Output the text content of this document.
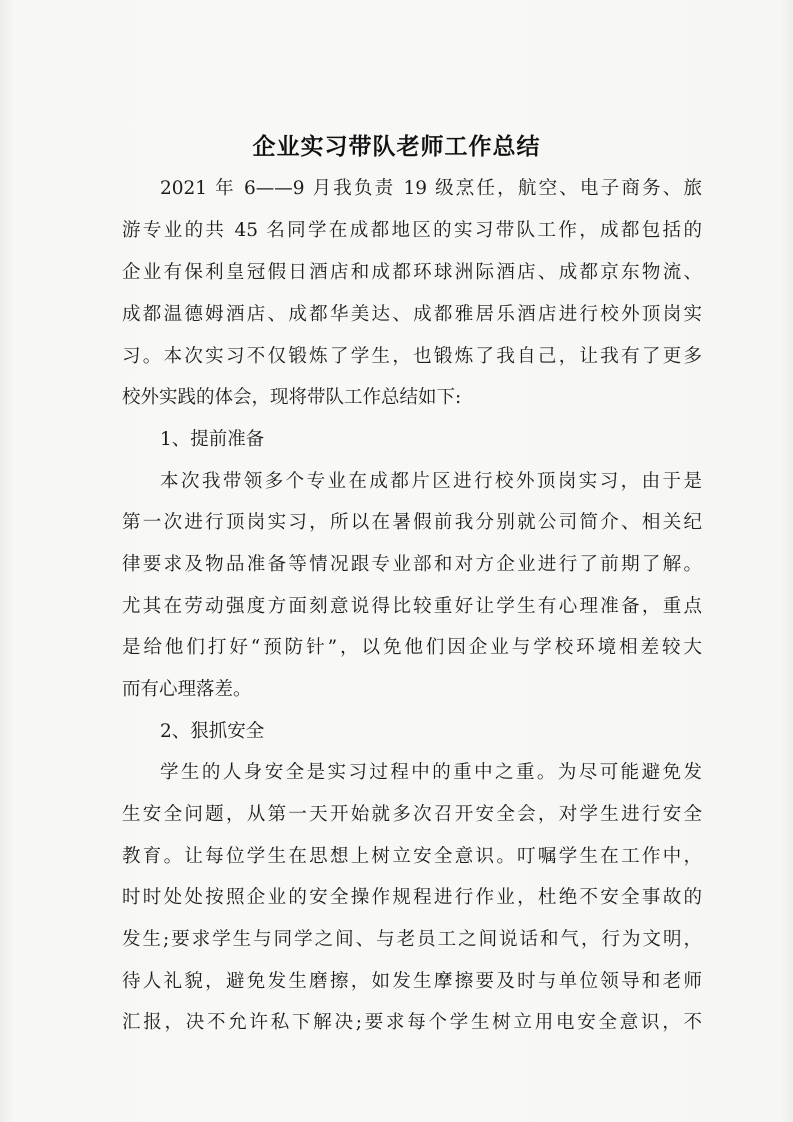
企业实习带队老师工作总结
2021 年 6——9 月我负责 19 级烹任，航空、电子商务、旅
游专业的共 45 名同学在成都地区的实习带队工作，成都包括的
企业有保利皇冠假日酒店和成都环球洲际酒店、成都京东物流、
成都温德姆酒店、成都华美达、成都雅居乐酒店进行校外顶岗实
习。本次实习不仅锻炼了学生，也锻炼了我自己，让我有了更多
校外实践的体会，现将带队工作总结如下:
1、提前准备
本次我带领多个专业在成都片区进行校外顶岗实习，由于是
第一次进行顶岗实习，所以在暑假前我分别就公司简介、相关纪
律要求及物品准备等情况跟专业部和对方企业进行了前期了解。
尤其在劳动强度方面刻意说得比较重好让学生有心理准备，重点
是给他们打好“预防针”，以免他们因企业与学校环境相差较大
而有心理落差。
2、狠抓安全
学生的人身安全是实习过程中的重中之重。为尽可能避免发
生安全问题，从第一天开始就多次召开安全会，对学生进行安全
教育。让每位学生在思想上树立安全意识。叮嘱学生在工作中，
时时处处按照企业的安全操作规程进行作业，杜绝不安全事故的
发生;要求学生与同学之间、与老员工之间说话和气，行为文明，
待人礼貌，避免发生磨擦，如发生摩擦要及时与单位领导和老师
汇报，决不允许私下解决;要求每个学生树立用电安全意识，不
